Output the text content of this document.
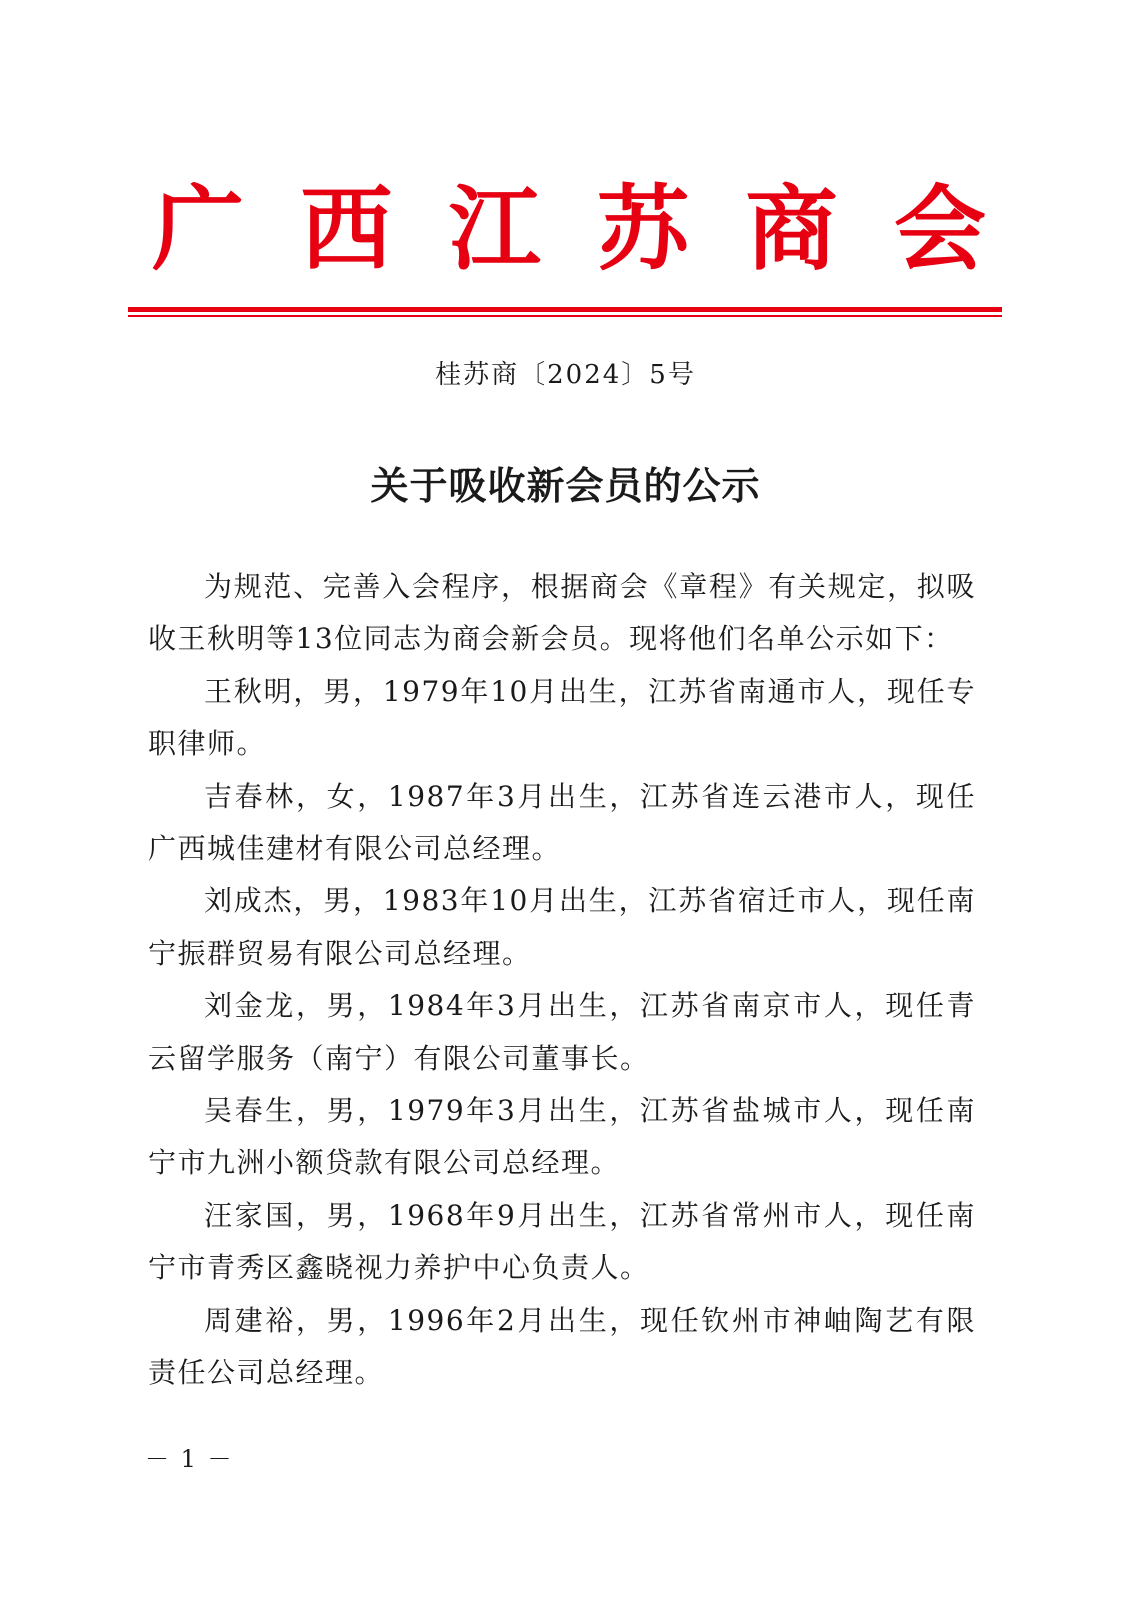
广 西 江 苏 商 会
桂苏商〔2024〕5号
关于吸收新会员的公示

为规范、完善入会程序，根据商会《章程》有关规定，拟吸收王秋明等13位同志为商会新会员。现将他们名单公示如下：

王秋明，男，1979年10月出生，江苏省南通市人，现任专职律师。

吉春林，女，1987年3月出生，江苏省连云港市人，现任广西城佳建材有限公司总经理。

刘成杰，男，1983年10月出生，江苏省宿迁市人，现任南宁振群贸易有限公司总经理。

刘金龙，男，1984年3月出生，江苏省南京市人，现任青云留学服务（南宁）有限公司董事长。

吴春生，男，1979年3月出生，江苏省盐城市人，现任南宁市九洲小额贷款有限公司总经理。

汪家国，男，1968年9月出生，江苏省常州市人，现任南宁市青秀区鑫晓视力养护中心负责人。

周建裕，男，1996年2月出生，现任钦州市神岫陶艺有限责任公司总经理。

－ 1 －
